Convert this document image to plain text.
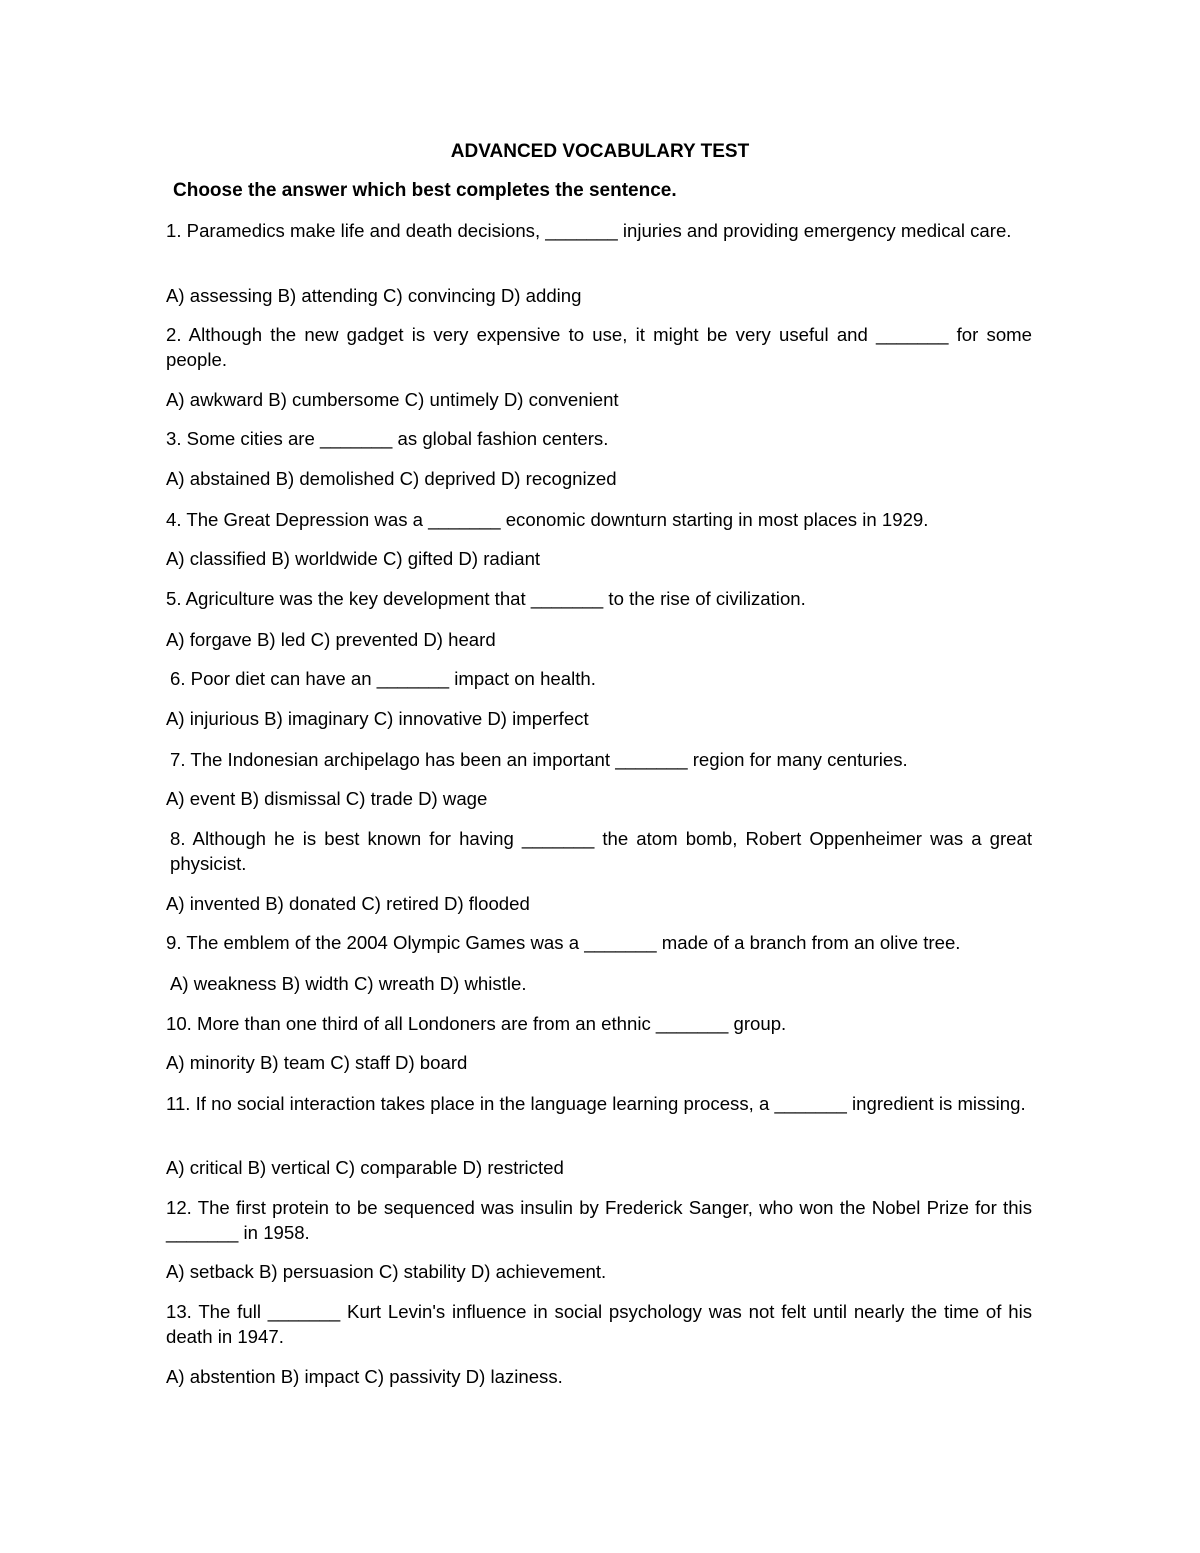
ADVANCED VOCABULARY TEST
Choose the answer which best completes the sentence.
1. Paramedics make life and death decisions, _______ injuries and providing emergency medical care.
A) assessing B) attending C) convincing D) adding
2. Although the new gadget is very expensive to use, it might be very useful and _______ for some people.
A) awkward B) cumbersome C) untimely D) convenient
3. Some cities are _______ as global fashion centers.
A) abstained B) demolished C) deprived D) recognized
4. The Great Depression was a _______ economic downturn starting in most places in 1929.
A) classified B) worldwide C) gifted D) radiant
5. Agriculture was the key development that _______ to the rise of civilization.
A) forgave B) led C) prevented D) heard
6. Poor diet can have an _______ impact on health.
A) injurious B) imaginary C) innovative D) imperfect
7. The Indonesian archipelago has been an important _______ region for many centuries.
A) event B) dismissal C) trade D) wage
8. Although he is best known for having _______ the atom bomb, Robert Oppenheimer was a great physicist.
A) invented B) donated C) retired D) flooded
9. The emblem of the 2004 Olympic Games was a _______ made of a branch from an olive tree.
A) weakness B) width C) wreath D) whistle.
10. More than one third of all Londoners are from an ethnic _______ group.
A) minority B) team C) staff D) board
11. If no social interaction takes place in the language learning process, a _______ ingredient is missing.
A) critical B) vertical C) comparable D) restricted
12. The first protein to be sequenced was insulin by Frederick Sanger, who won the Nobel Prize for this _______ in 1958.
A) setback B) persuasion C) stability D) achievement.
13. The full _______ Kurt Levin's influence in social psychology was not felt until nearly the time of his death in 1947.
A) abstention B) impact C) passivity D) laziness.
